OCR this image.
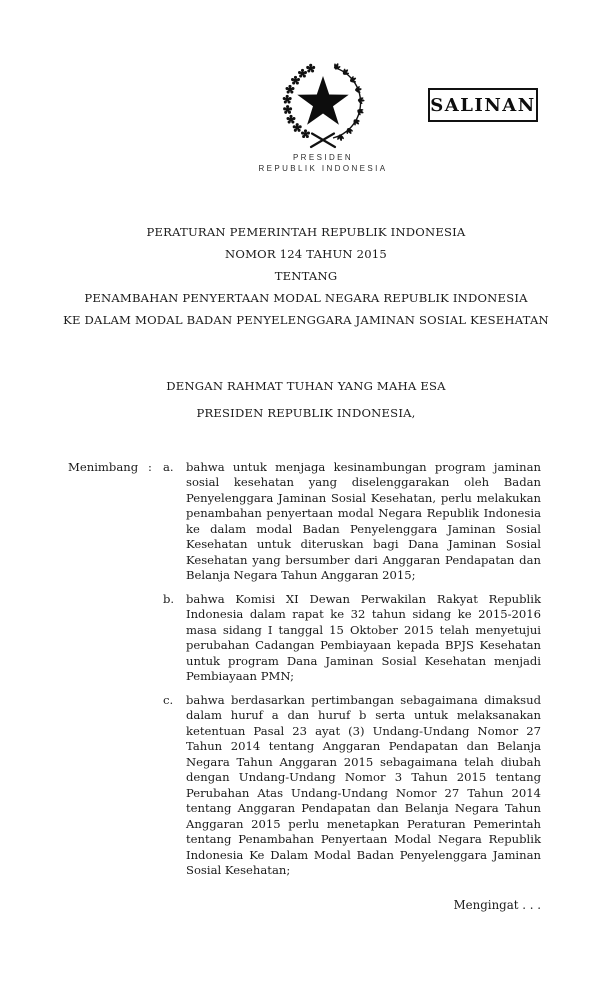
SALINAN
PRESIDEN
REPUBLIK INDONESIA
PERATURAN PEMERINTAH REPUBLIK INDONESIA
NOMOR 124 TAHUN 2015
TENTANG
PENAMBAHAN PENYERTAAN MODAL NEGARA REPUBLIK INDONESIA
KE DALAM MODAL BADAN PENYELENGGARA JAMINAN SOSIAL KESEHATAN
DENGAN RAHMAT TUHAN YANG MAHA ESA
PRESIDEN REPUBLIK INDONESIA,
Menimbang : a.	bahwa untuk menjaga kesinambungan program jaminan sosial kesehatan yang diselenggarakan oleh Badan Penyelenggara Jaminan Sosial Kesehatan, perlu melakukan penambahan penyertaan modal Negara Republik Indonesia ke dalam modal Badan Penyelenggara Jaminan Sosial Kesehatan untuk diteruskan bagi Dana Jaminan Sosial Kesehatan yang bersumber dari Anggaran Pendapatan dan Belanja Negara Tahun Anggaran 2015;
b.	bahwa Komisi XI Dewan Perwakilan Rakyat Republik Indonesia dalam rapat ke 32 tahun sidang ke 2015-2016 masa sidang I tanggal 15 Oktober 2015 telah menyetujui perubahan Cadangan Pembiayaan kepada BPJS Kesehatan untuk program Dana Jaminan Sosial Kesehatan menjadi Pembiayaan PMN;
c.	bahwa berdasarkan pertimbangan sebagaimana dimaksud dalam huruf a dan huruf b serta untuk melaksanakan ketentuan Pasal 23 ayat (3) Undang-Undang Nomor 27 Tahun 2014 tentang Anggaran Pendapatan dan Belanja Negara Tahun Anggaran 2015 sebagaimana telah diubah dengan Undang-Undang Nomor 3 Tahun 2015 tentang Perubahan Atas Undang-Undang Nomor 27 Tahun 2014 tentang Anggaran Pendapatan dan Belanja Negara Tahun Anggaran 2015 perlu menetapkan Peraturan Pemerintah tentang Penambahan Penyertaan Modal Negara Republik Indonesia Ke Dalam Modal Badan Penyelenggara Jaminan Sosial Kesehatan;
Mengingat . . .
